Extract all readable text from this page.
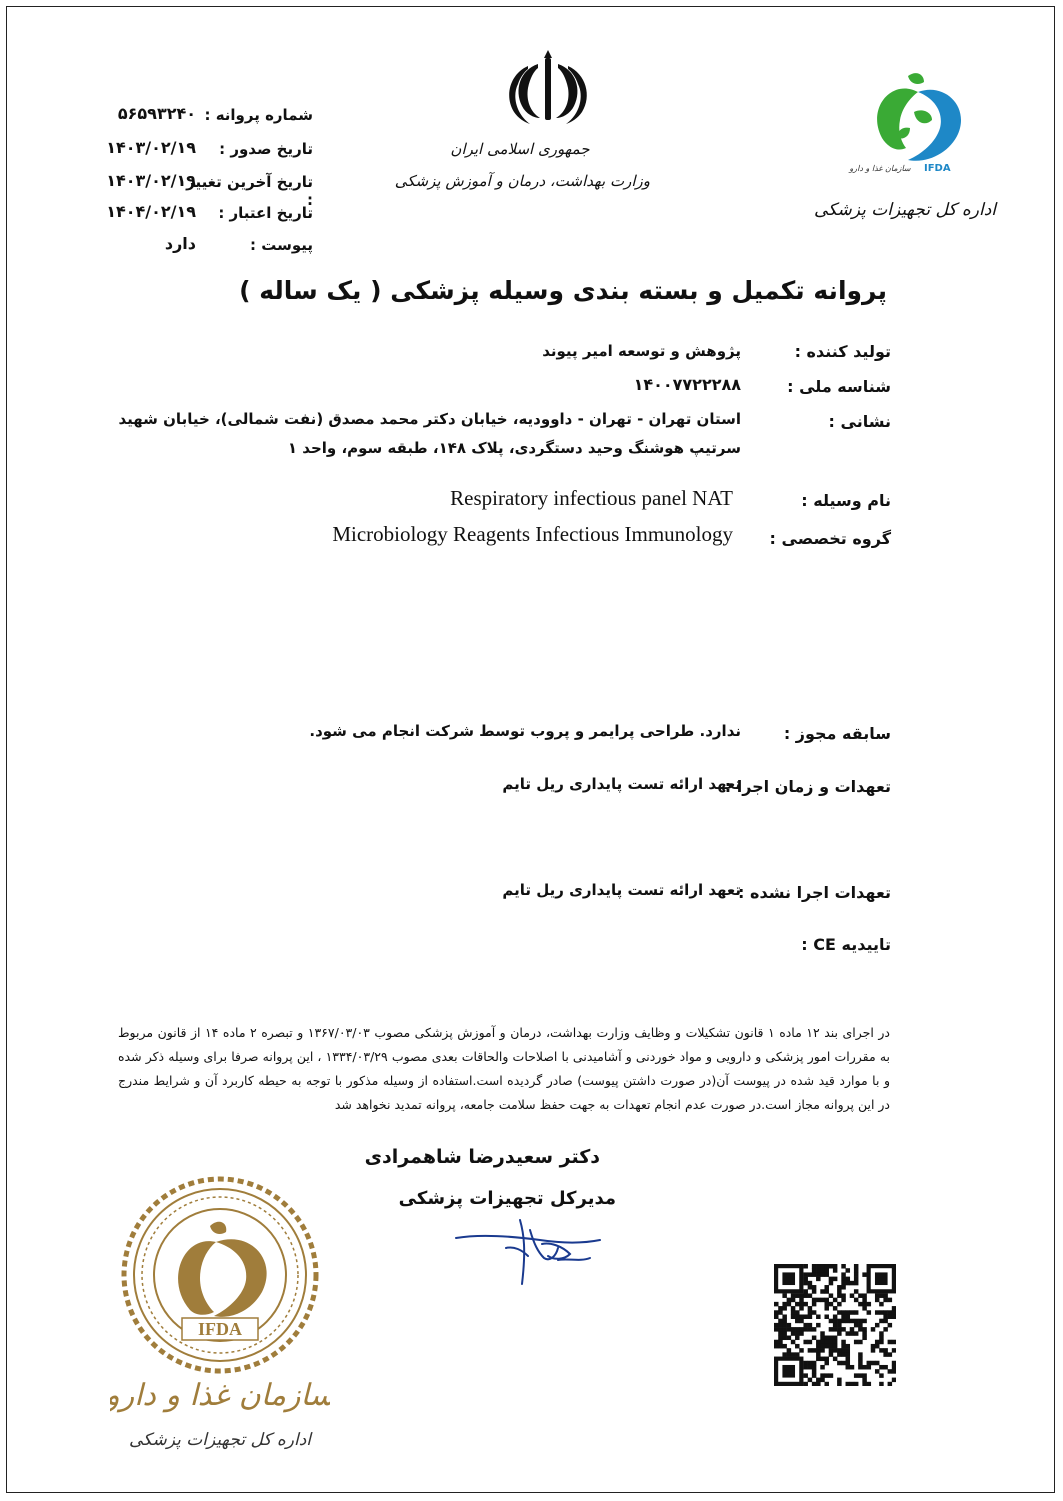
شماره پروانه :
۵۶۵۹۳۲۴۰
تاریخ صدور :
۱۴۰۳/۰۲/۱۹
تاریخ آخرین تغییر :
۱۴۰۳/۰۲/۱۹
تاریخ اعتبار :
۱۴۰۴/۰۲/۱۹
پیوست :
دارد
جمهوری اسلامی ایران
وزارت بهداشت، درمان و آموزش پزشکی
سازمان غذا و دارو	IFDA
اداره کل تجهیزات پزشکی
پروانه تکمیل و بسته بندی وسیله پزشکی ( یک ساله )
تولید کننده :
پژوهش و توسعه امیر پیوند
شناسه ملی :
۱۴۰۰۷۷۲۲۲۸۸
نشانی :
استان تهران - تهران - داوودیه، خیابان دکتر محمد مصدق (نفت شمالی)، خیابان شهید
سرتیپ هوشنگ وحید دستگردی، پلاک ۱۴۸، طبقه سوم، واحد ۱
نام وسیله :
Respiratory infectious panel NAT
گروه تخصصی :
Microbiology Reagents Infectious Immunology
سابقه مجوز :
ندارد. طراحی پرایمر و پروب توسط شرکت انجام می شود.
تعهدات و زمان اجرا :
تعهد ارائه تست پایداری ریل تایم
تعهدات اجرا نشده :
تعهد ارائه تست پایداری ریل تایم
تاییدیه CE :
در اجرای بند ۱۲ ماده ۱ قانون تشکیلات و وظایف وزارت بهداشت، درمان و آموزش پزشکی مصوب ۱۳۶۷/۰۳/۰۳ و تبصره ۲ ماده ۱۴ از قانون مربوط به مقررات امور پزشکی و دارویی و مواد خوردنی و آشامیدنی با اصلاحات والحاقات بعدی مصوب ۱۳۳۴/۰۳/۲۹ ، این پروانه صرفا برای وسیله ذکر شده و با موارد قید شده در پیوست آن(در صورت داشتن پیوست) صادر گردیده است.استفاده از وسیله مذکور با توجه به حیطه کاربرد آن و شرایط مندرج در این پروانه مجاز است.در صورت عدم انجام تعهدات به جهت حفظ سلامت جامعه، پروانه تمدید نخواهد شد
دکتر سعیدرضا شاهمرادی
مدیرکل تجهیزات پزشکی
IFDA
سازمان غذا و دارو
اداره کل تجهیزات پزشکی
